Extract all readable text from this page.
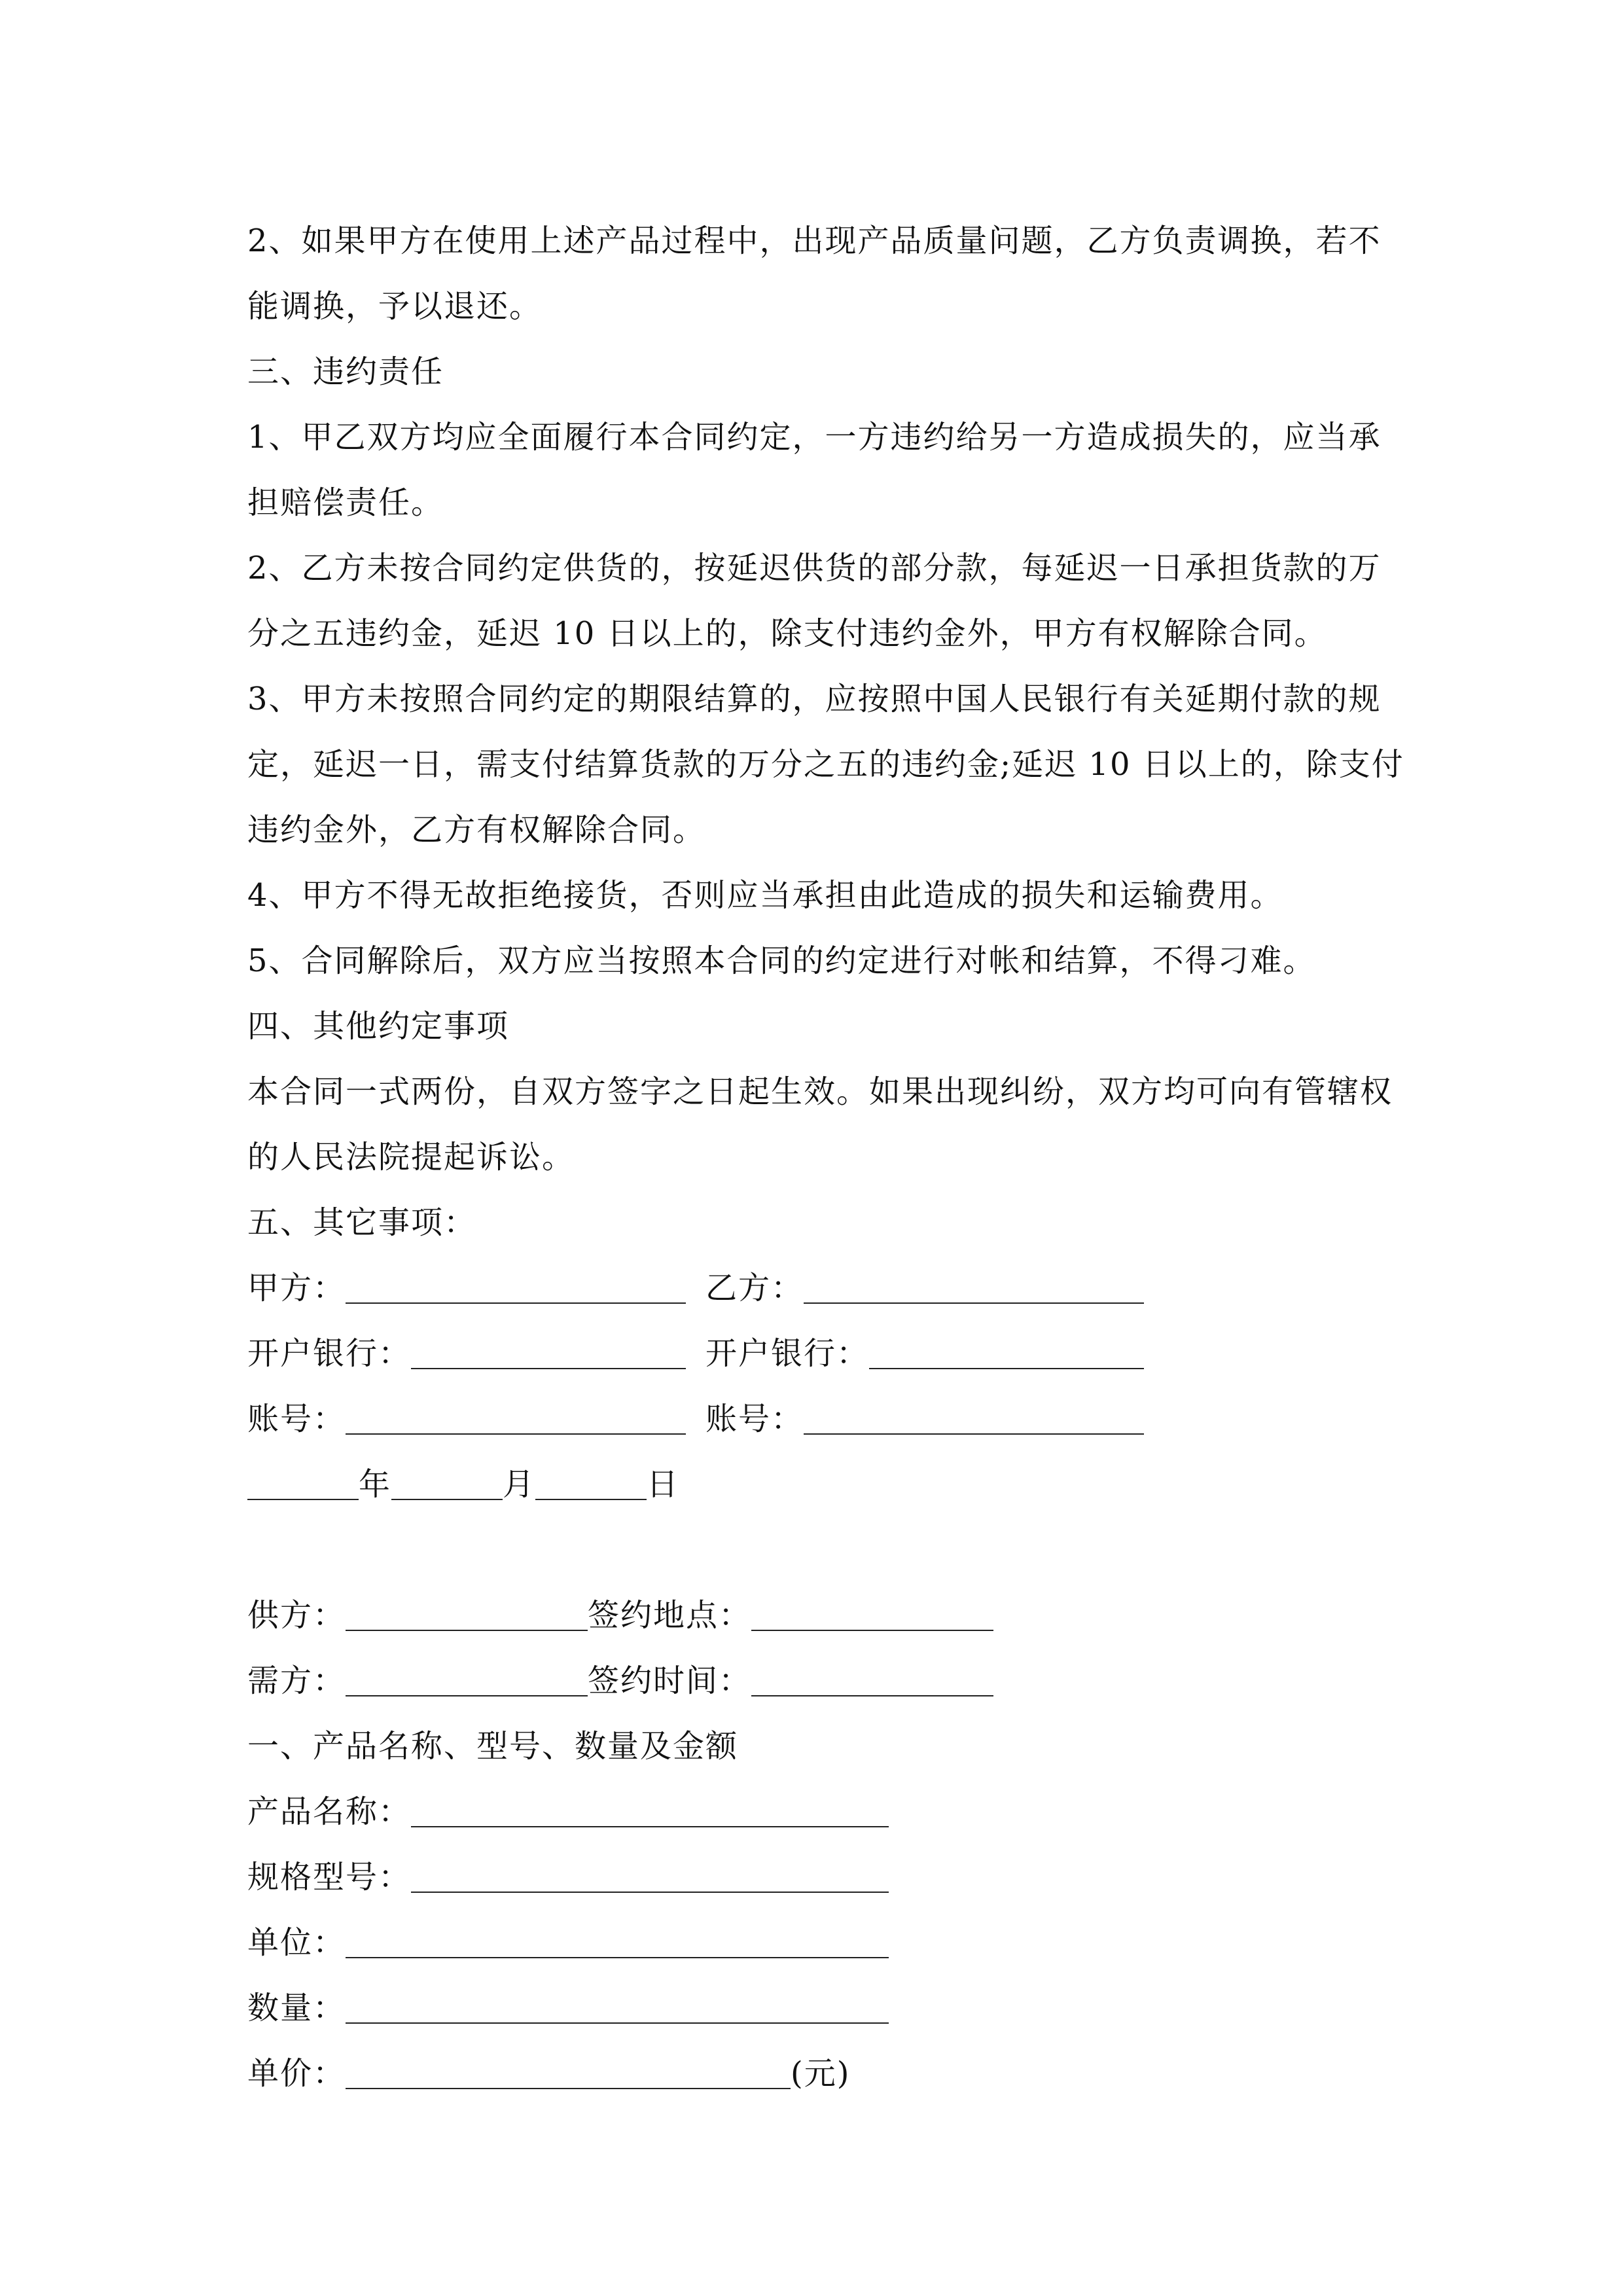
2、如果甲方在使用上述产品过程中，出现产品质量问题，乙方负责调换，若不
能调换，予以退还。
三、违约责任
1、甲乙双方均应全面履行本合同约定，一方违约给另一方造成损失的，应当承
担赔偿责任。
2、乙方未按合同约定供货的，按延迟供货的部分款，每延迟一日承担货款的万
分之五违约金，延迟 10 日以上的，除支付违约金外，甲方有权解除合同。
3、甲方未按照合同约定的期限结算的，应按照中国人民银行有关延期付款的规
定，延迟一日，需支付结算货款的万分之五的违约金;延迟 10 日以上的，除支付
违约金外，乙方有权解除合同。
4、甲方不得无故拒绝接货，否则应当承担由此造成的损失和运输费用。
5、合同解除后，双方应当按照本合同的约定进行对帐和结算，不得刁难。
四、其他约定事项
本合同一式两份，自双方签字之日起生效。如果出现纠纷，双方均可向有管辖权
的人民法院提起诉讼。
五、其它事项：
甲方：	乙方：
开户银行：	开户银行：
账号：	账号：
年	月	日
供方：	签约地点：
需方：	签约时间：
一、产品名称、型号、数量及金额
产品名称：
规格型号：
单位：
数量：
单价：	(元)
